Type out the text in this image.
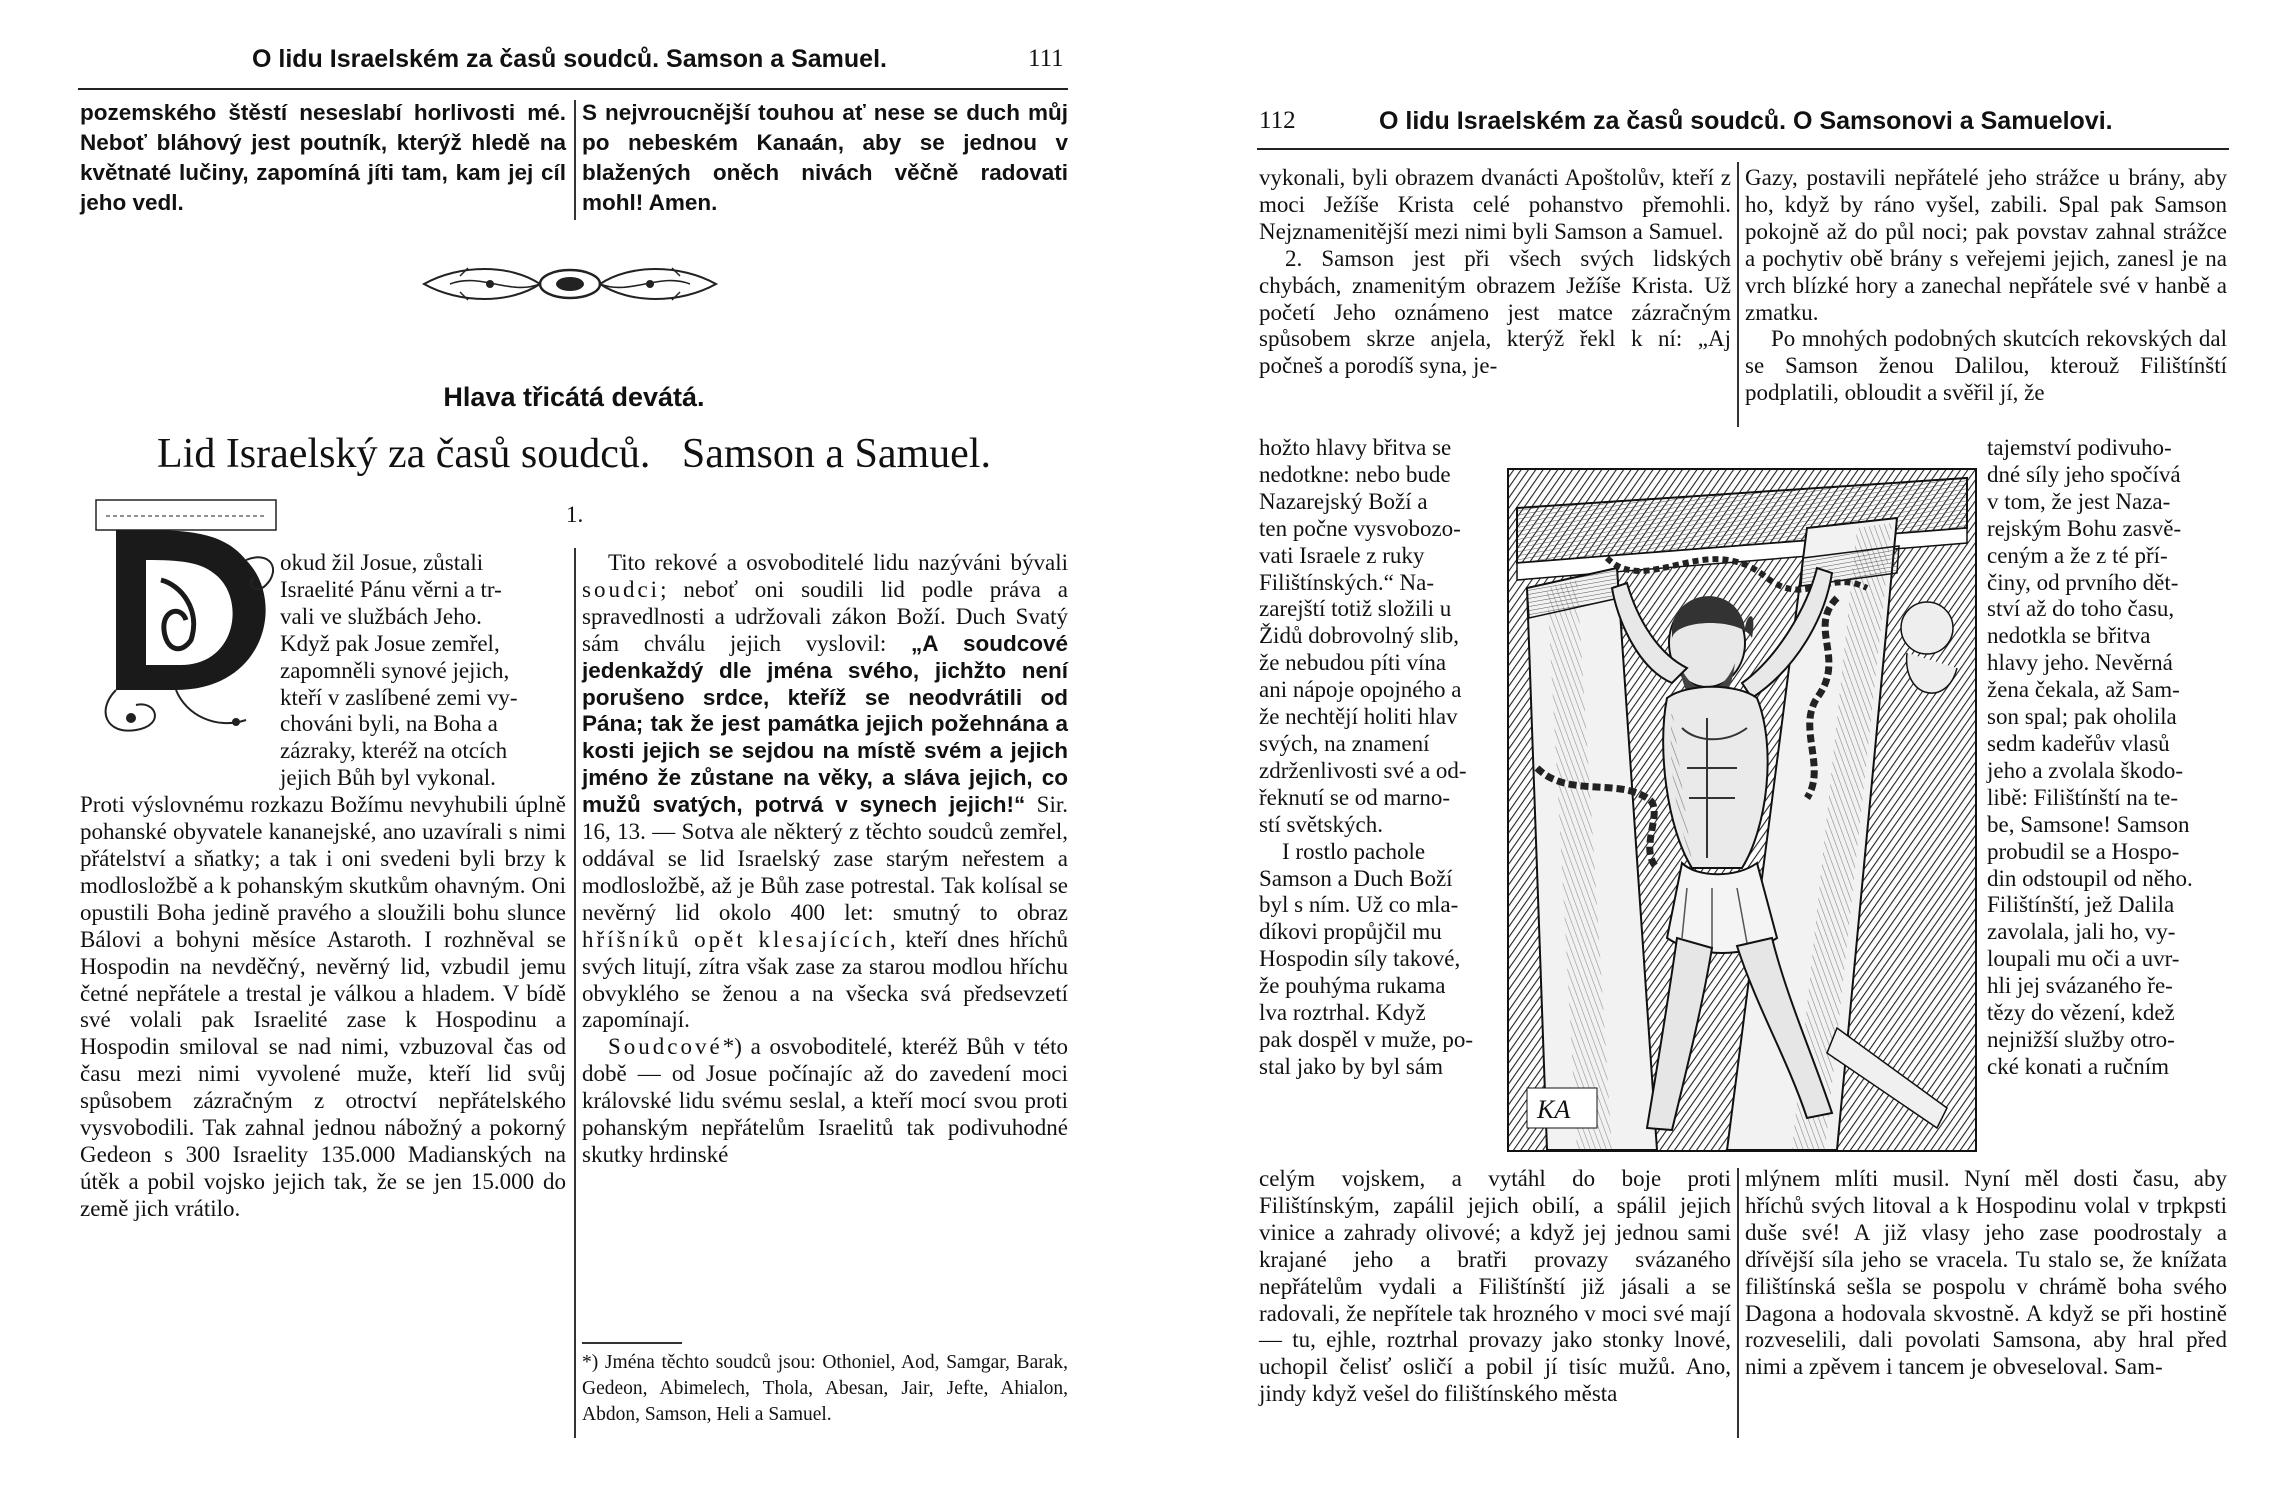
O lidu Israelském za časů soudců. Samson a Samuel.	111
pozemského štěstí neseslabí horlivosti mé. Neboť bláhový jest poutník, kterýž hledě na květnaté lučiny, zapomíná jíti tam, kam jej cíl jeho vedl.
S nejvroucnější touhou ať nese se duch můj po nebeském Kanaán, aby se jednou v blažených oněch nivách věčně radovati mohl! Amen.
Hlava třicátá devátá.
Lid Israelský za časů soudců.   Samson a Samuel.
1.

okud žil Josue, zůstali

Israelité Pánu věrni a tr-

vali ve službách Jeho.

Když pak Josue zemřel,

zapomněli synové jejich,

kteří v zaslíbené zemi vy-

chováni byli, na Boha a

zázraky, kteréž na otcích

jejich Bůh byl vykonal.

Proti výslovnému rozkazu Božímu nevyhubili úplně pohanské obyvatele kananejské, ano uzavírali s nimi přátelství a sňatky; a tak i oni svedeni byli brzy k modlosložbě a k pohanským skutkům ohavným. Oni opustili Boha jedině pravého a sloužili bohu slunce Bálovi a bohyni měsíce Astaroth. I rozhněval se Hospodin na nevděčný, nevěrný lid, vzbudil jemu četné nepřátele a trestal je válkou a hladem. V bídě své volali pak Israelité zase k Hospodinu a Hospodin smiloval se nad nimi, vzbuzoval čas od času mezi nimi vyvolené muže, kteří lid svůj spůsobem zázračným z otroctví nepřátelského vysvobodili. Tak zahnal jednou nábožný a pokorný Gedeon s 300 Israelity 135.000 Madianských na útěk a pobil vojsko jejich tak, že se jen 15.000 do země jich vrátilo.

Tito rekové a osvoboditelé lidu nazýváni bývali soudci; neboť oni soudili lid podle práva a spravedlnosti a udržovali zákon Boží. Duch Svatý sám chválu jejich vyslovil: „A soudcové jedenkaždý dle jména svého, jichžto není porušeno srdce, kteříž se neodvrátili od Pána; tak že jest památka jejich požehnána a kosti jejich se sejdou na místě svém a jejich jméno že zůstane na věky, a sláva jejich, co mužů svatých, potrvá v synech jejich!“ Sir. 16, 13. — Sotva ale některý z těchto soudců zemřel, oddával se lid Israelský zase starým neřestem a modlosložbě, až je Bůh zase potrestal. Tak kolísal se nevěrný lid okolo 400 let: smutný to obraz hříšníků opět klesajících, kteří dnes hříchů svých litují, zítra však zase za starou modlou hříchu obvyklého se ženou a na všecka svá předsevzetí zapomínají.

Soudcové*) a osvoboditelé, kteréž Bůh v této době — od Josue počínajíc až do zavedení moci královské lidu svému seslal, a kteří mocí svou proti pohanským nepřátelům Israelitů tak podivuhodné skutky hrdinské

*) Jména těchto soudců jsou: Othoniel, Aod, Samgar, Barak, Gedeon, Abimelech, Thola, Abesan, Jair, Jefte, Ahialon, Abdon, Samson, Heli a Samuel.
112	O lidu Israelském za časů soudců. O Samsonovi a Samuelovi.

vykonali, byli obrazem dvanácti Apoštolův, kteří z moci Ježíše Krista celé pohanstvo přemohli. Nejznamenitější mezi nimi byli Samson a Samuel.

2. Samson jest při všech svých lidských chybách, znamenitým obrazem Ježíše Krista. Už početí Jeho oznámeno jest matce zázračným spůsobem skrze anjela, kterýž řekl k ní: „Aj počneš a porodíš syna, je-

hožto hlavy břitva se

nedotkne: nebo bude

Nazarejský Boží a

ten počne vysvobozo-

vati Israele z ruky

Filištínských.“ Na-

zarejští totiž složili u

Židů dobrovolný slib,

že nebudou píti vína

ani nápoje opojného a

že nechtějí holiti hlav

svých, na znamení

zdrženlivosti své a od-

řeknutí se od marno-

stí světských.

I rostlo pachole

Samson a Duch Boží

byl s ním. Už co mla-

díkovi propůjčil mu

Hospodin síly takové,

že pouhýma rukama

lva roztrhal. Když

pak dospěl v muže, po-

stal jako by byl sám

celým vojskem, a vytáhl do boje proti Filištínským, zapálil jejich obilí, a spálil jejich vinice a zahrady olivové; a když jej jednou sami krajané jeho a bratři provazy svázaného nepřátelům vydali a Filištínští již jásali a se radovali, že nepřítele tak hrozného v moci své mají — tu, ejhle, roztrhal provazy jako stonky lnové, uchopil čelisť osličí a pobil jí tisíc mužů. Ano, jindy když vešel do filištínského města

Gazy, postavili nepřátelé jeho strážce u brány, aby ho, když by ráno vyšel, zabili. Spal pak Samson pokojně až do půl noci; pak povstav zahnal strážce a pochytiv obě brány s veřejemi jejich, zanesl je na vrch blízké hory a zanechal nepřátele své v hanbě a zmatku.

Po mnohých podobných skutcích rekovských dal se Samson ženou Dalilou, kterouž Filištínští podplatili, obloudit a svěřil jí, že

tajemství podivuho-

dné síly jeho spočívá

v tom, že jest Naza-

rejským Bohu zasvě-

ceným a že z té pří-

činy, od prvního dět-

ství až do toho času,

nedotkla se břitva

hlavy jeho. Nevěrná

žena čekala, až Sam-

son spal; pak oholila

sedm kadeřův vlasů

jeho a zvolala škodo-

libě: Filištínští na te-

be, Samsone! Samson

probudil se a Hospo-

din odstoupil od něho.

Filištínští, jež Dalila

zavolala, jali ho, vy-

loupali mu oči a uvr-

hli jej svázaného ře-

tězy do vězení, kdež

nejnižší služby otro-

cké konati a ručním

mlýnem mlíti musil. Nyní měl dosti času, aby hříchů svých litoval a k Hospodinu volal v trpkpsti duše své! A již vlasy jeho zase poodrostaly a dřívější síla jeho se vracela. Tu stalo se, že knížata filištínská sešla se pospolu v chrámě boha svého Dagona a hodovala skvostně. A když se při hostině rozveselili, dali povolati Samsona, aby hral před nimi a zpěvem i tancem je obveseloval. Sam-
KA
